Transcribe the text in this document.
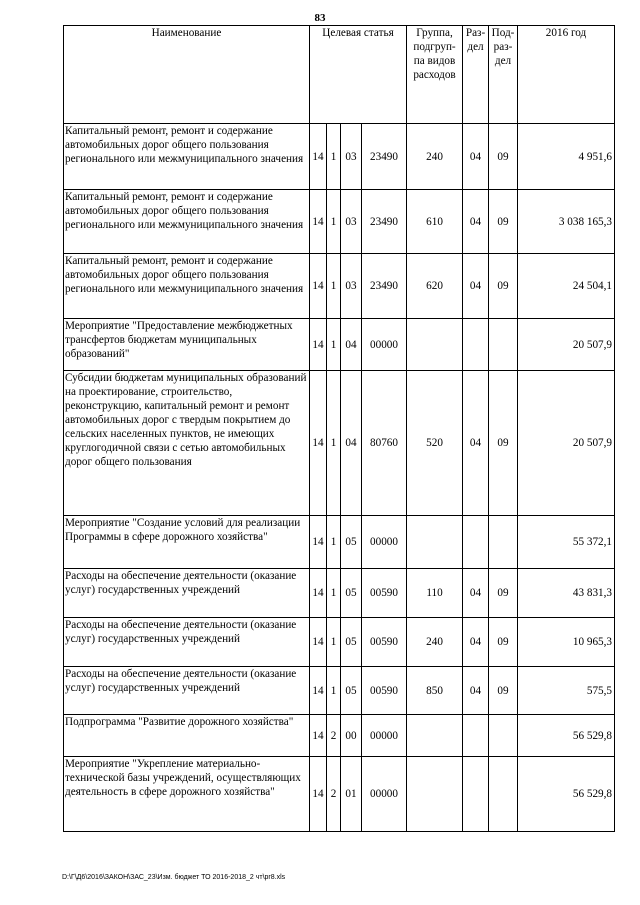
83
Наименование	Целевая статья				Группа, подгруп- па видов расходов	Раз- дел	Под- раз- дел	2016 год
Капитальный ремонт, ремонт и содержание автомобильных дорог общего пользования регионального или межмуниципального значения	14	1	03	23490	240	04	09	4 951,6
Капитальный ремонт, ремонт и содержание автомобильных дорог общего пользования регионального или межмуниципального значения	14	1	03	23490	610	04	09	3 038 165,3
Капитальный ремонт, ремонт и содержание автомобильных дорог общего пользования регионального или межмуниципального значения	14	1	03	23490	620	04	09	24 504,1
Мероприятие "Предоставление межбюджетных трансфертов бюджетам муниципальных образований"	14	1	04	00000				20 507,9
Субсидии бюджетам муниципальных образований на проектирование, строительство, реконструкцию, капитальный ремонт и ремонт автомобильных дорог с твердым покрытием до сельских населенных пунктов, не имеющих круглогодичной связи с сетью автомобильных дорог общего пользования	14	1	04	80760	520	04	09	20 507,9
Мероприятие "Создание условий для реализации Программы в сфере дорожного хозяйства"	14	1	05	00000				55 372,1
Расходы на обеспечение деятельности (оказание услуг) государственных учреждений	14	1	05	00590	110	04	09	43 831,3
Расходы на обеспечение деятельности (оказание услуг) государственных учреждений	14	1	05	00590	240	04	09	10 965,3
Расходы на обеспечение деятельности (оказание услуг) государственных учреждений	14	1	05	00590	850	04	09	575,5
Подпрограмма "Развитие дорожного хозяйства"	14	2	00	00000				56 529,8
Мероприятие "Укрепление материально-технической базы учреждений, осуществляющих деятельность в сфере дорожного хозяйства"	14	2	01	00000				56 529,8
D:\Г\Д6\2016\ЗАКОН\ЗАС_23\Изм. бюджет ТО 2016-2018_2 чт\pr8.xls
